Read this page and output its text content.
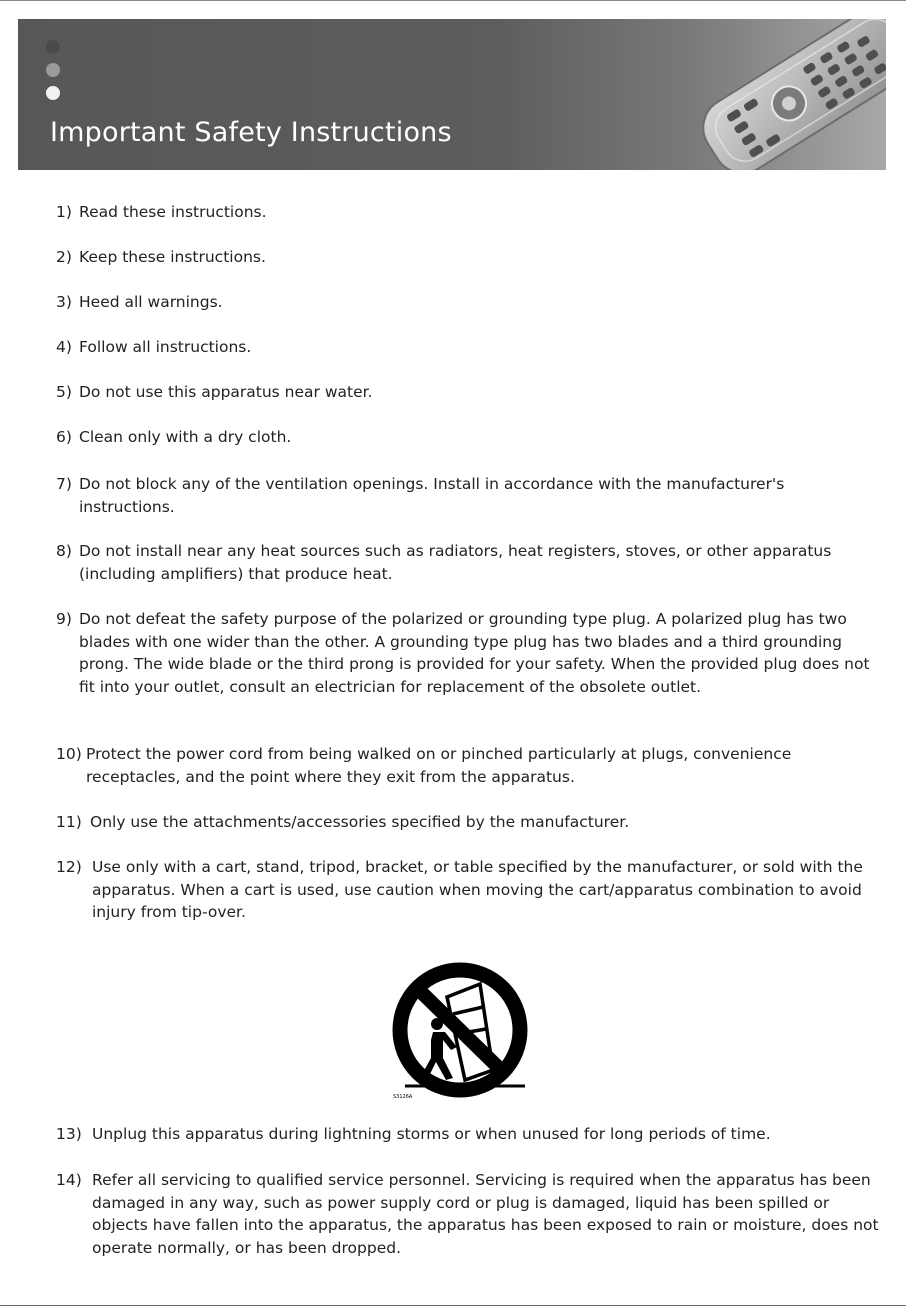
Important Safety Instructions
1) Read these instructions.
2) Keep these instructions.
3) Heed all warnings.
4) Follow all instructions.
5) Do not use this apparatus near water.
6) Clean only with a dry cloth.
7) Do not block any of the ventilation openings. Install in accordance with the manufacturer's instructions.
8) Do not install near any heat sources such as radiators, heat registers, stoves, or other apparatus (including amplifiers) that produce heat.
9) Do not defeat the safety purpose of the polarized or grounding type plug. A polarized plug has two blades with one wider than the other. A grounding type plug has two blades and a third grounding prong. The wide blade or the third prong is provided for your safety. When the provided plug does not fit into your outlet, consult an electrician for replacement of the obsolete outlet.
10) Protect the power cord from being walked on or pinched particularly at plugs, convenience receptacles, and the point where they exit from the apparatus.
11) Only use the attachments/accessories specified by the manufacturer.
12) Use only with a cart, stand, tripod, bracket, or table specified by the manufacturer, or sold with the apparatus. When a cart is used, use caution when moving the cart/apparatus combination to avoid injury from tip-over.
13) Unplug this apparatus during lightning storms or when unused for long periods of time.
14) Refer all servicing to qualified service personnel. Servicing is required when the apparatus has been damaged in any way, such as power supply cord or plug is damaged, liquid has been spilled or objects have fallen into the apparatus, the apparatus has been exposed to rain or moisture, does not operate normally, or has been dropped.
S3126A
